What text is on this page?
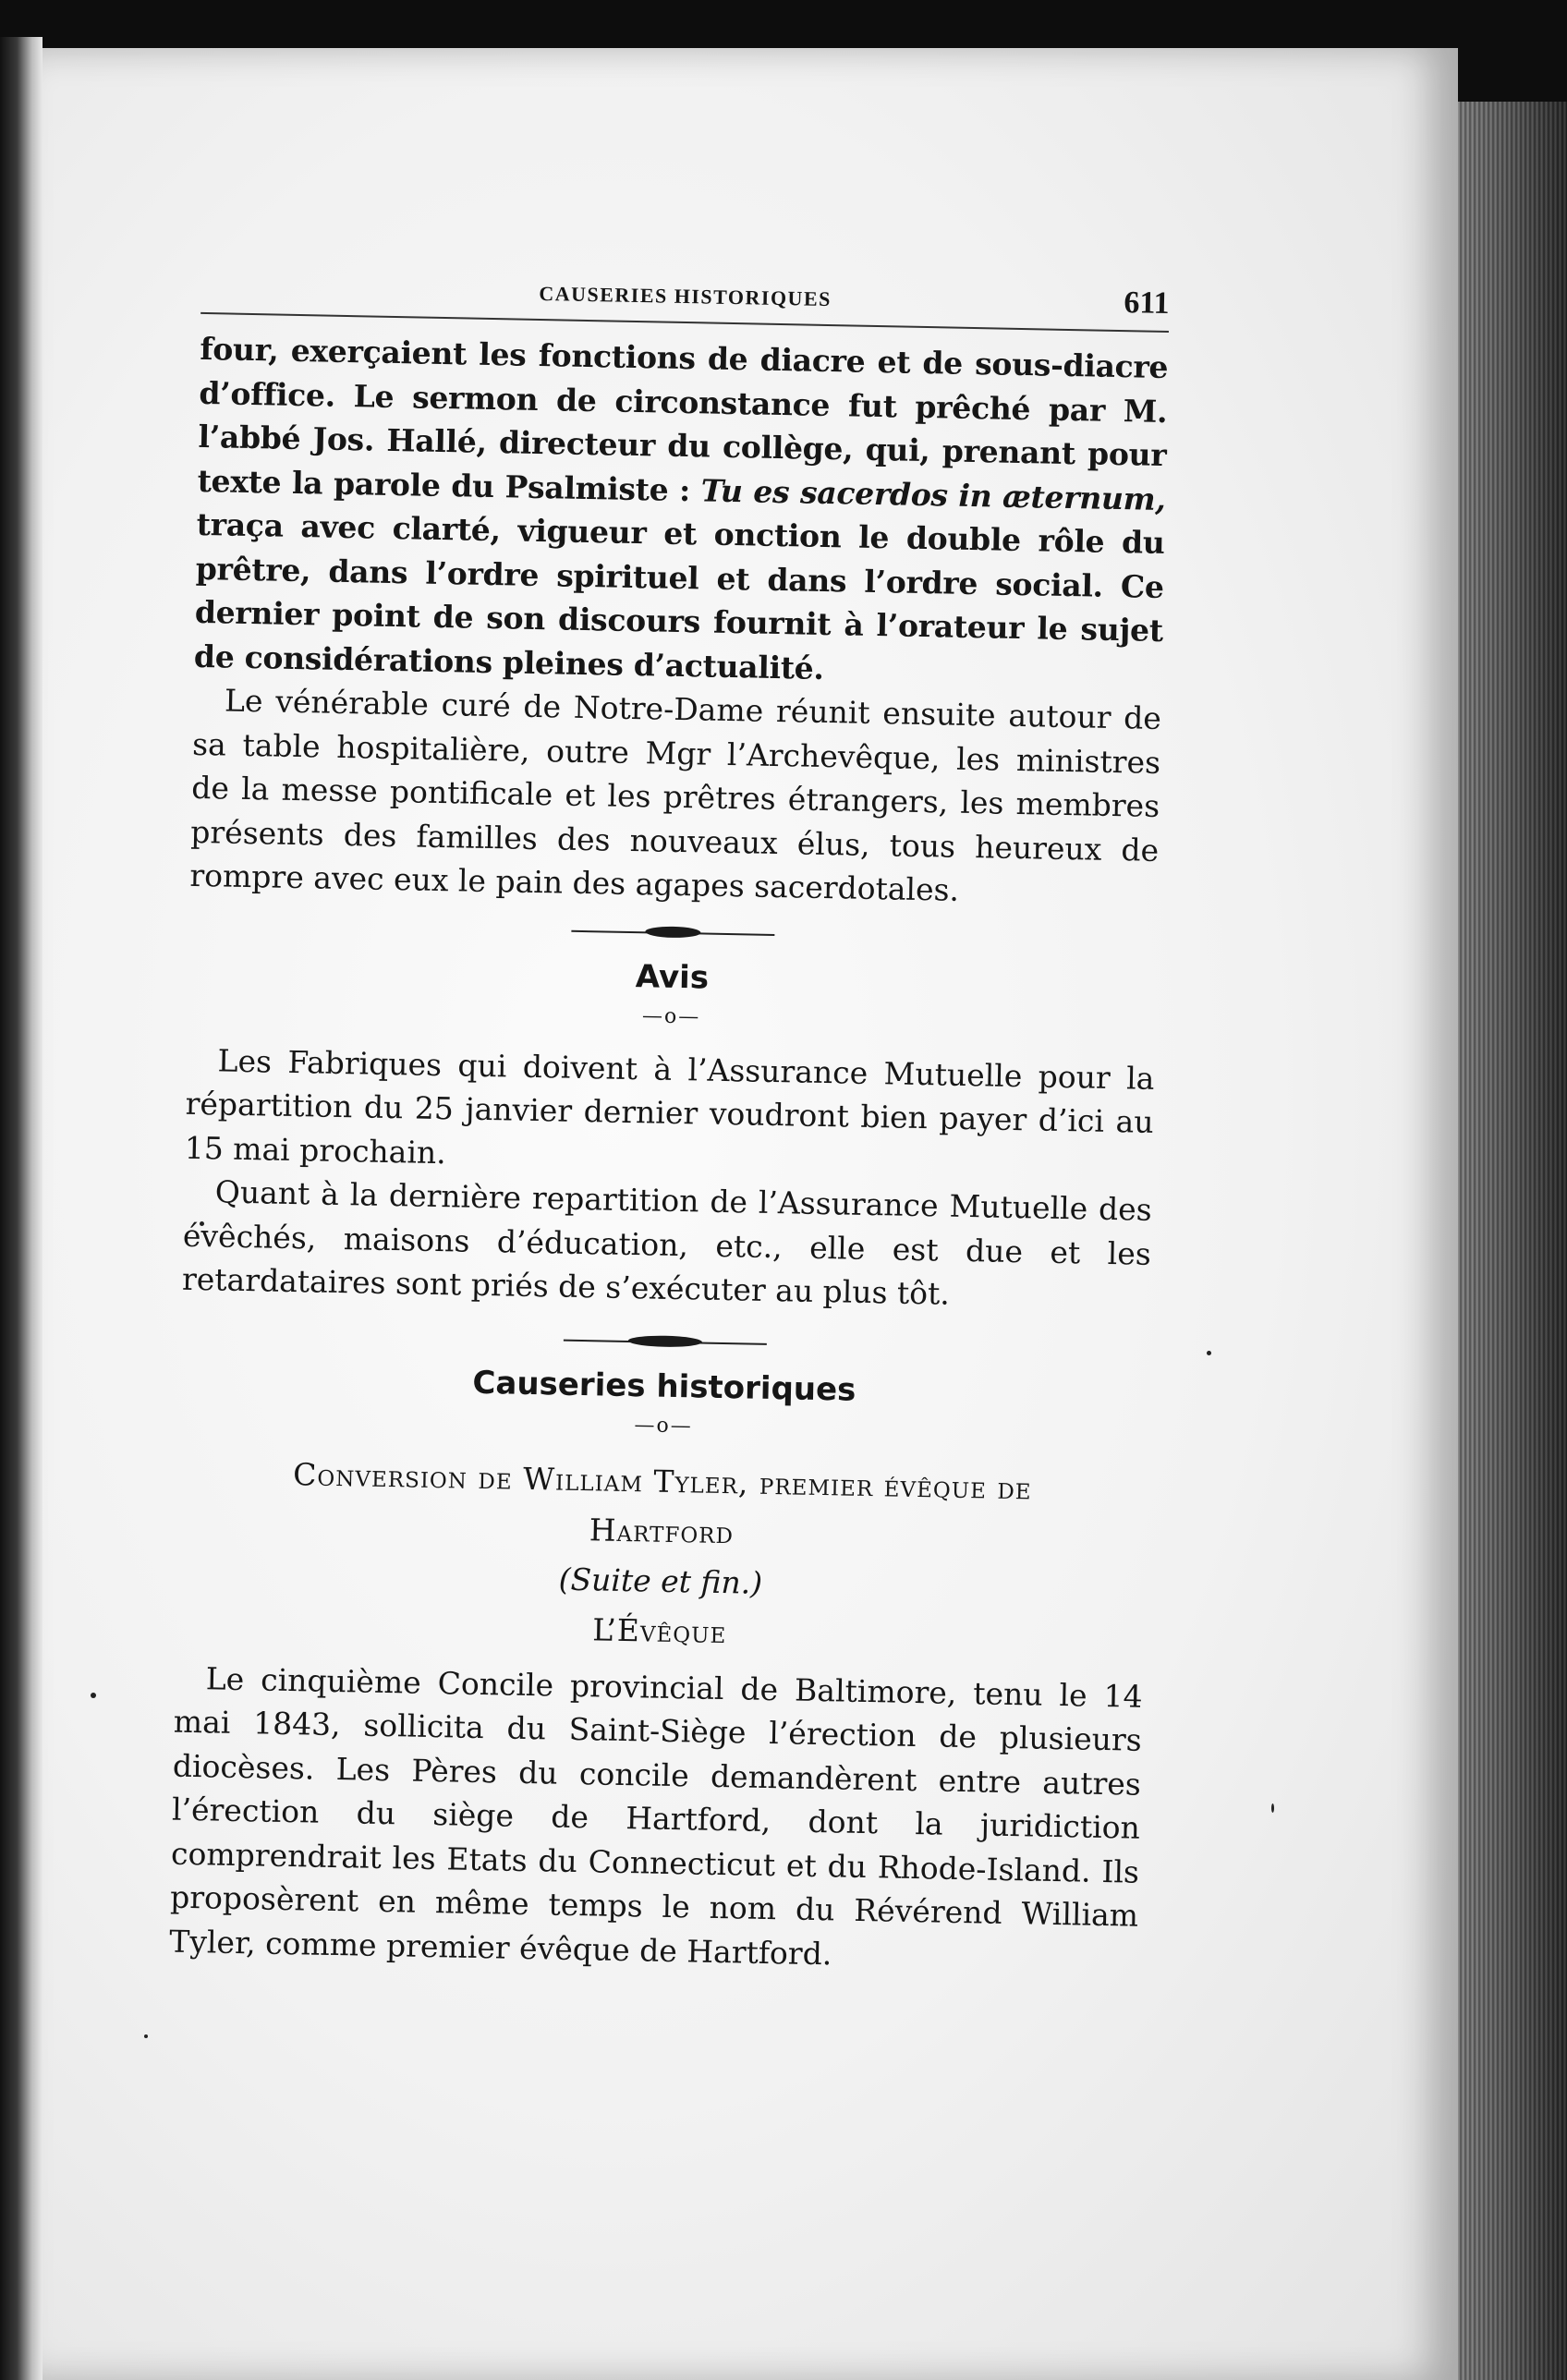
CAUSERIES HISTORIQUES	611

four, exerçaient les fonctions de diacre et de sous-diacre d’office. Le sermon de circonstance fut prêché par M. l’abbé Jos. Hallé, directeur du collège, qui, prenant pour texte la parole du Psalmiste : Tu es sacerdos in æternum, traça avec clarté, vigueur et onction le double rôle du prêtre, dans l’ordre spirituel et dans l’ordre social. Ce dernier point de son discours fournit à l’orateur le sujet de considérations pleines d’actualité.

Le vénérable curé de Notre-Dame réunit ensuite autour de sa table hospitalière, outre Mgr l’Archevêque, les ministres de la messe pontificale et les prêtres étrangers, les membres présents des familles des nouveaux élus, tous heureux de rompre avec eux le pain des agapes sacerdotales.

Avis

—o—

Les Fabriques qui doivent à l’Assurance Mutuelle pour la répartition du 25 janvier dernier voudront bien payer d’ici au 15 mai prochain.

Quant à la dernière repartition de l’Assurance Mutuelle des évêchés, maisons d’éducation, etc., elle est due et les retardataires sont priés de s’exécuter au plus tôt.

Causeries historiques

—o—

Conversion de William Tyler, premier évêque de

Hartford

(Suite et fin.)

L’Évêque

Le cinquième Concile provincial de Baltimore, tenu le 14 mai 1843, sollicita du Saint-Siège l’érection de plusieurs diocèses. Les Pères du concile demandèrent entre autres l’érection du siège de Hartford, dont la juridiction comprendrait les Etats du Connecticut et du Rhode-Island. Ils proposèrent en même temps le nom du Révérend William Tyler, comme premier évêque de Hartford.
